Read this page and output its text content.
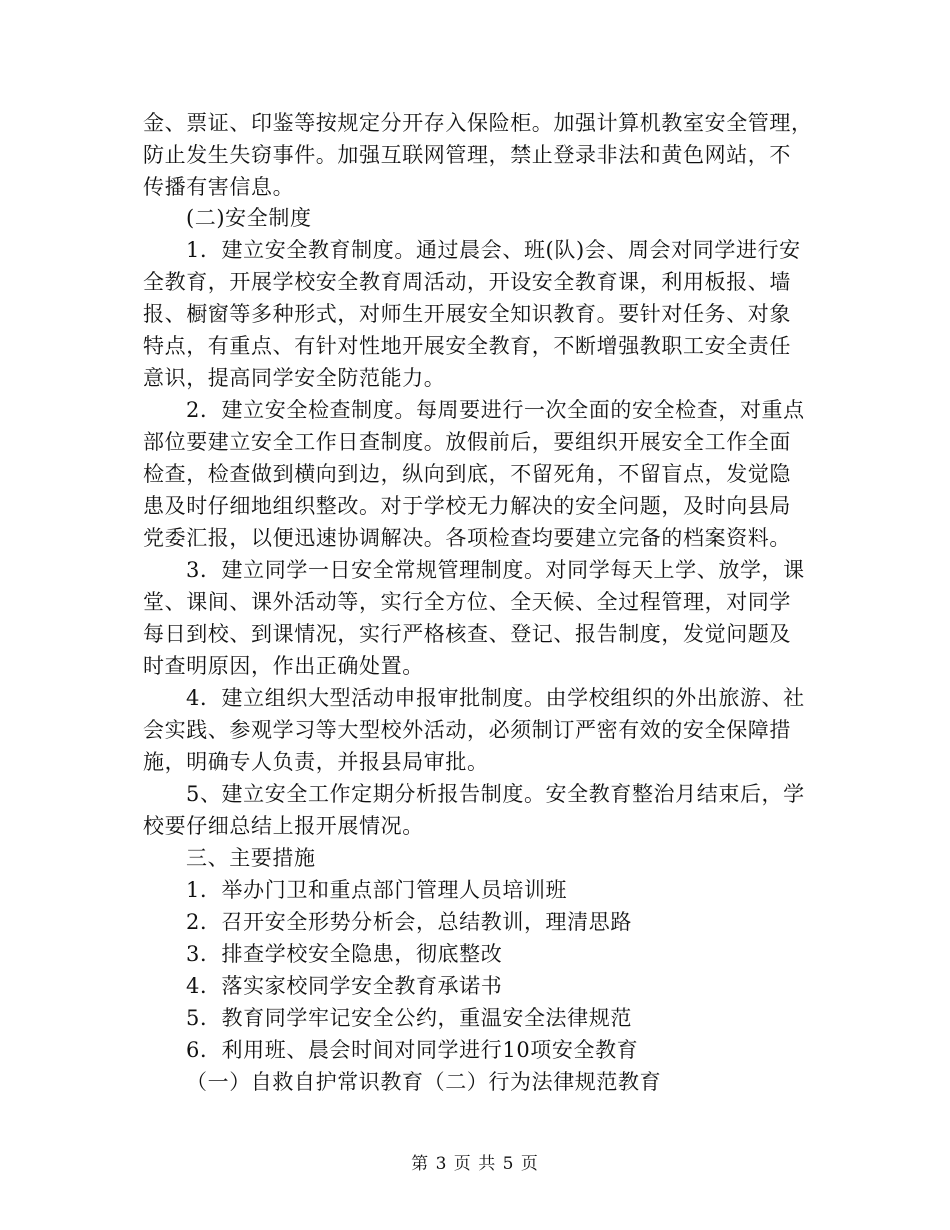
金、票证、印鉴等按规定分开存入保险柜。加强计算机教室安全管理，
防止发生失窃事件。加强互联网管理，禁止登录非法和黄色网站，不
传播有害信息。
(二)安全制度
1．建立安全教育制度。通过晨会、班(队)会、周会对同学进行安
全教育，开展学校安全教育周活动，开设安全教育课，利用板报、墙
报、橱窗等多种形式，对师生开展安全知识教育。要针对任务、对象
特点，有重点、有针对性地开展安全教育，不断增强教职工安全责任
意识，提高同学安全防范能力。
2．建立安全检查制度。每周要进行一次全面的安全检查，对重点
部位要建立安全工作日查制度。放假前后，要组织开展安全工作全面
检查，检查做到横向到边，纵向到底，不留死角，不留盲点，发觉隐
患及时仔细地组织整改。对于学校无力解决的安全问题，及时向县局
党委汇报，以便迅速协调解决。各项检查均要建立完备的档案资料。
3．建立同学一日安全常规管理制度。对同学每天上学、放学，课
堂、课间、课外活动等，实行全方位、全天候、全过程管理，对同学
每日到校、到课情况，实行严格核查、登记、报告制度，发觉问题及
时查明原因，作出正确处置。
4．建立组织大型活动申报审批制度。由学校组织的外出旅游、社
会实践、参观学习等大型校外活动，必须制订严密有效的安全保障措
施，明确专人负责，并报县局审批。
5、建立安全工作定期分析报告制度。安全教育整治月结束后，学
校要仔细总结上报开展情况。
三、主要措施
1．举办门卫和重点部门管理人员培训班
2．召开安全形势分析会，总结教训，理清思路
3．排查学校安全隐患，彻底整改
4．落实家校同学安全教育承诺书
5．教育同学牢记安全公约，重温安全法律规范
6．利用班、晨会时间对同学进行10项安全教育
（一）自救自护常识教育（二）行为法律规范教育
第 3 页 共 5 页
